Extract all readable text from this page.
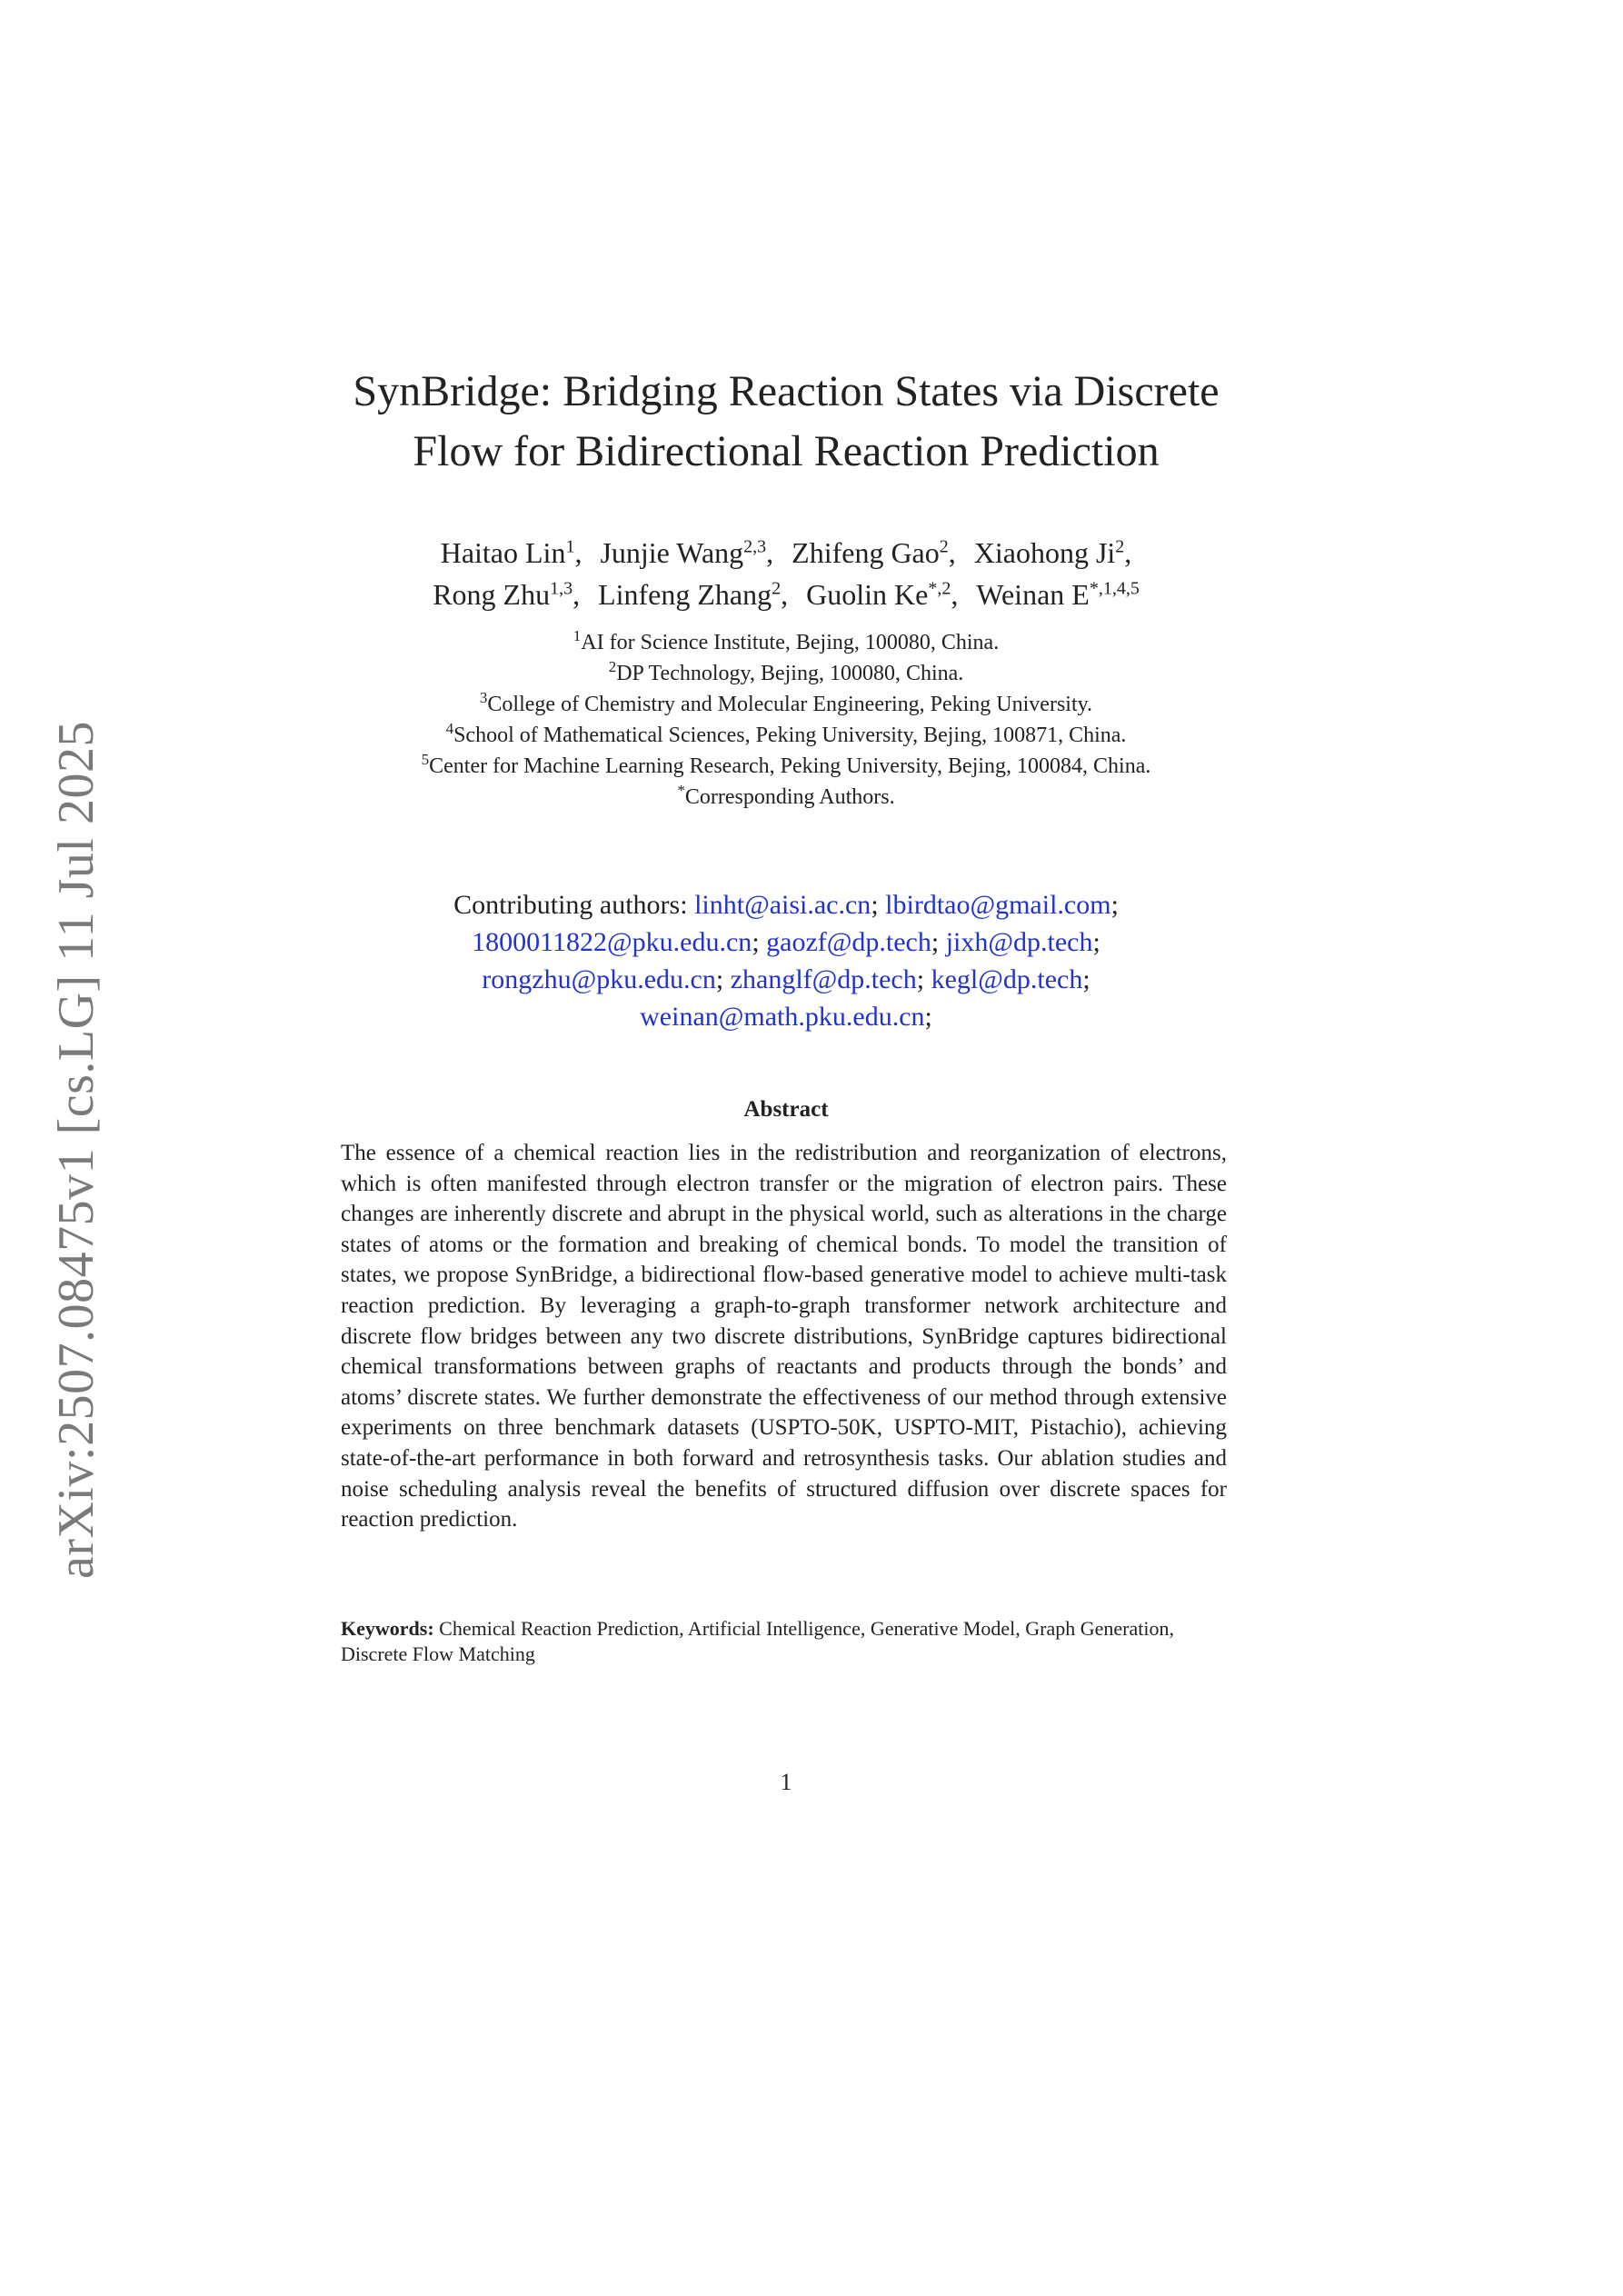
arXiv:2507.08475v1 [cs.LG] 11 Jul 2025
SynBridge: Bridging Reaction States via Discrete
Flow for Bidirectional Reaction Prediction
Haitao Lin$^1$, Junjie Wang$^{2,3}$, Zhifeng Gao$^2$, Xiaohong Ji$^2$,
Rong Zhu$^{1,3}$, Linfeng Zhang$^2$, Guolin $Ke^{*,2}$, Weinan $E^{*,1,4,5}$
$^1$AI for Science Institute, Bejing, 100080, China.
$^2$DP Technology, Bejing, 100080, China.
$^3$College of Chemistry and Molecular Engineering, Peking University.
$^4$School of Mathematical Sciences, Peking University, Bejing, 100871, China.
$^5$Center for Machine Learning Research, Peking University, Bejing, 100084, China.
*Corresponding Authors.
Contributing authors: linht@aisi.ac.cn; lbirdtao@gmail.com;
1800011822@pku.edu.cn; gaozf@dp.tech; jixh@dp.tech;
rongzhu@pku.edu.cn; zhanglf@dp.tech; kegl@dp.tech;
weinan@math.pku.edu.cn;
Abstract

The essence of a chemical reaction lies in the redistribution and reorganization of electrons, which is often manifested through electron transfer or the migration of electron pairs. These changes are inherently discrete and abrupt in the physical world, such as alterations in the charge states of atoms or the formation and breaking of chemical bonds. To model the transition of states, we propose SynBridge, a bidirectional flow-based generative model to achieve multi-task reaction prediction. By leveraging a graph-to-graph transformer network architecture and discrete flow bridges between any two discrete distributions, SynBridge captures bidirectional chemical transformations between graphs of reactants and products through the bonds’ and atoms’ discrete states. We further demonstrate the effectiveness of our method through extensive experiments on three benchmark datasets (USPTO-50K, USPTO-MIT, Pistachio), achieving state-of-the-art performance in both forward and retrosynthesis tasks. Our ablation studies and noise scheduling analysis reveal the benefits of structured diffusion over discrete spaces for reaction prediction.

Keywords: Chemical Reaction Prediction, Artificial Intelligence, Generative Model, Graph Generation, Discrete Flow Matching

1
